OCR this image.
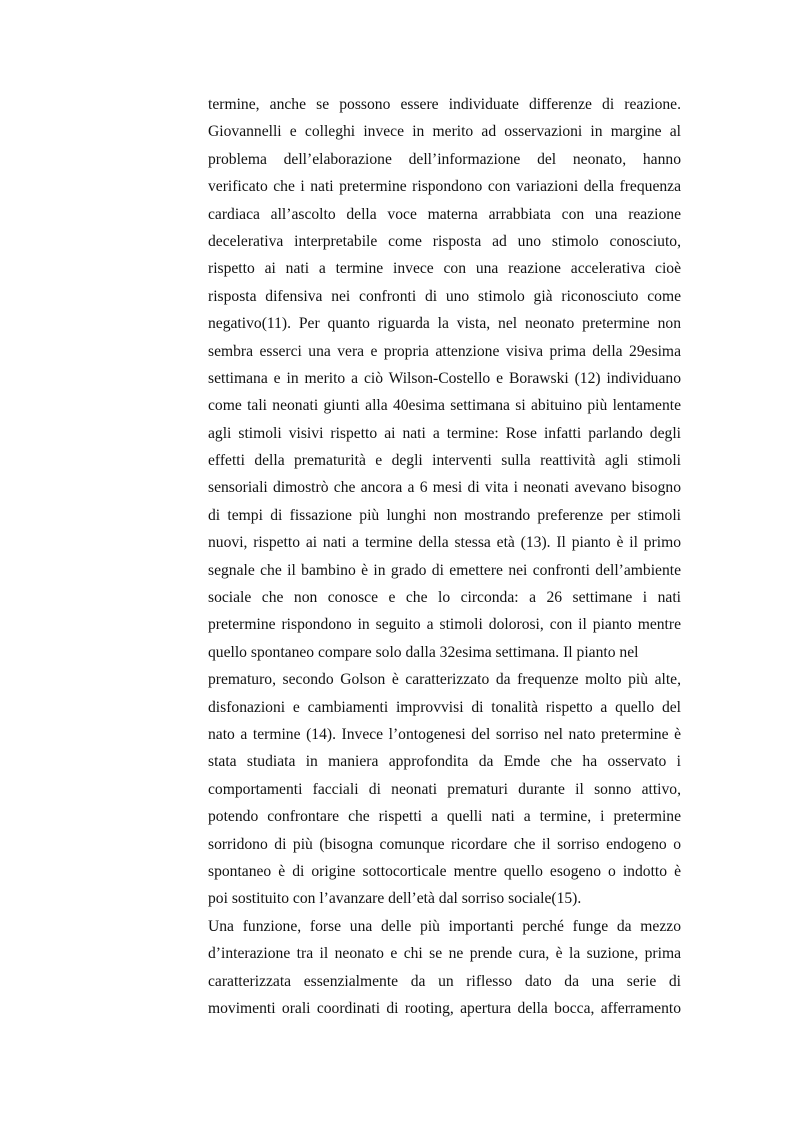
termine, anche se possono essere individuate differenze di reazione.
Giovannelli e colleghi invece in merito ad osservazioni in margine al
problema dell’elaborazione dell’informazione del neonato, hanno
verificato che i nati pretermine rispondono con variazioni della frequenza
cardiaca all’ascolto della voce materna arrabbiata con una reazione
decelerativa interpretabile come risposta ad uno stimolo conosciuto,
rispetto ai nati a termine invece con una reazione accelerativa cioè
risposta difensiva nei confronti di uno stimolo già riconosciuto come
negativo(11). Per quanto riguarda la vista, nel neonato pretermine non
sembra esserci una vera e propria attenzione visiva prima della 29esima
settimana e in merito a ciò Wilson-Costello e Borawski (12) individuano
come tali neonati giunti alla 40esima settimana si abituino più lentamente
agli stimoli visivi rispetto ai nati a termine: Rose infatti parlando degli
effetti della prematurità e degli interventi sulla reattività agli stimoli
sensoriali dimostrò che ancora a 6 mesi di vita i neonati avevano bisogno
di tempi di fissazione più lunghi non mostrando preferenze per stimoli
nuovi, rispetto ai nati a termine della stessa età (13). Il pianto è il primo
segnale che il bambino è in grado di emettere nei confronti dell’ambiente
sociale che non conosce e che lo circonda: a 26 settimane i nati
pretermine rispondono in seguito a stimoli dolorosi, con il pianto mentre
quello spontaneo compare solo dalla 32esima settimana. Il pianto nel
prematuro, secondo Golson è caratterizzato da frequenze molto più alte,
disfonazioni e cambiamenti improvvisi di tonalità rispetto a quello del
nato a termine (14). Invece l’ontogenesi del sorriso nel nato pretermine è
stata studiata in maniera approfondita da Emde che ha osservato i
comportamenti facciali di neonati prematuri durante il sonno attivo,
potendo confrontare che rispetti a quelli nati a termine, i pretermine
sorridono di più (bisogna comunque ricordare che il sorriso endogeno o
spontaneo è di origine sottocorticale mentre quello esogeno o indotto è
poi sostituito con l’avanzare dell’età dal sorriso sociale(15).
Una funzione, forse una delle più importanti perché funge da mezzo
d’interazione tra il neonato e chi se ne prende cura, è la suzione, prima
caratterizzata essenzialmente da un riflesso dato da una serie di
movimenti orali coordinati di rooting, apertura della bocca, afferramento
